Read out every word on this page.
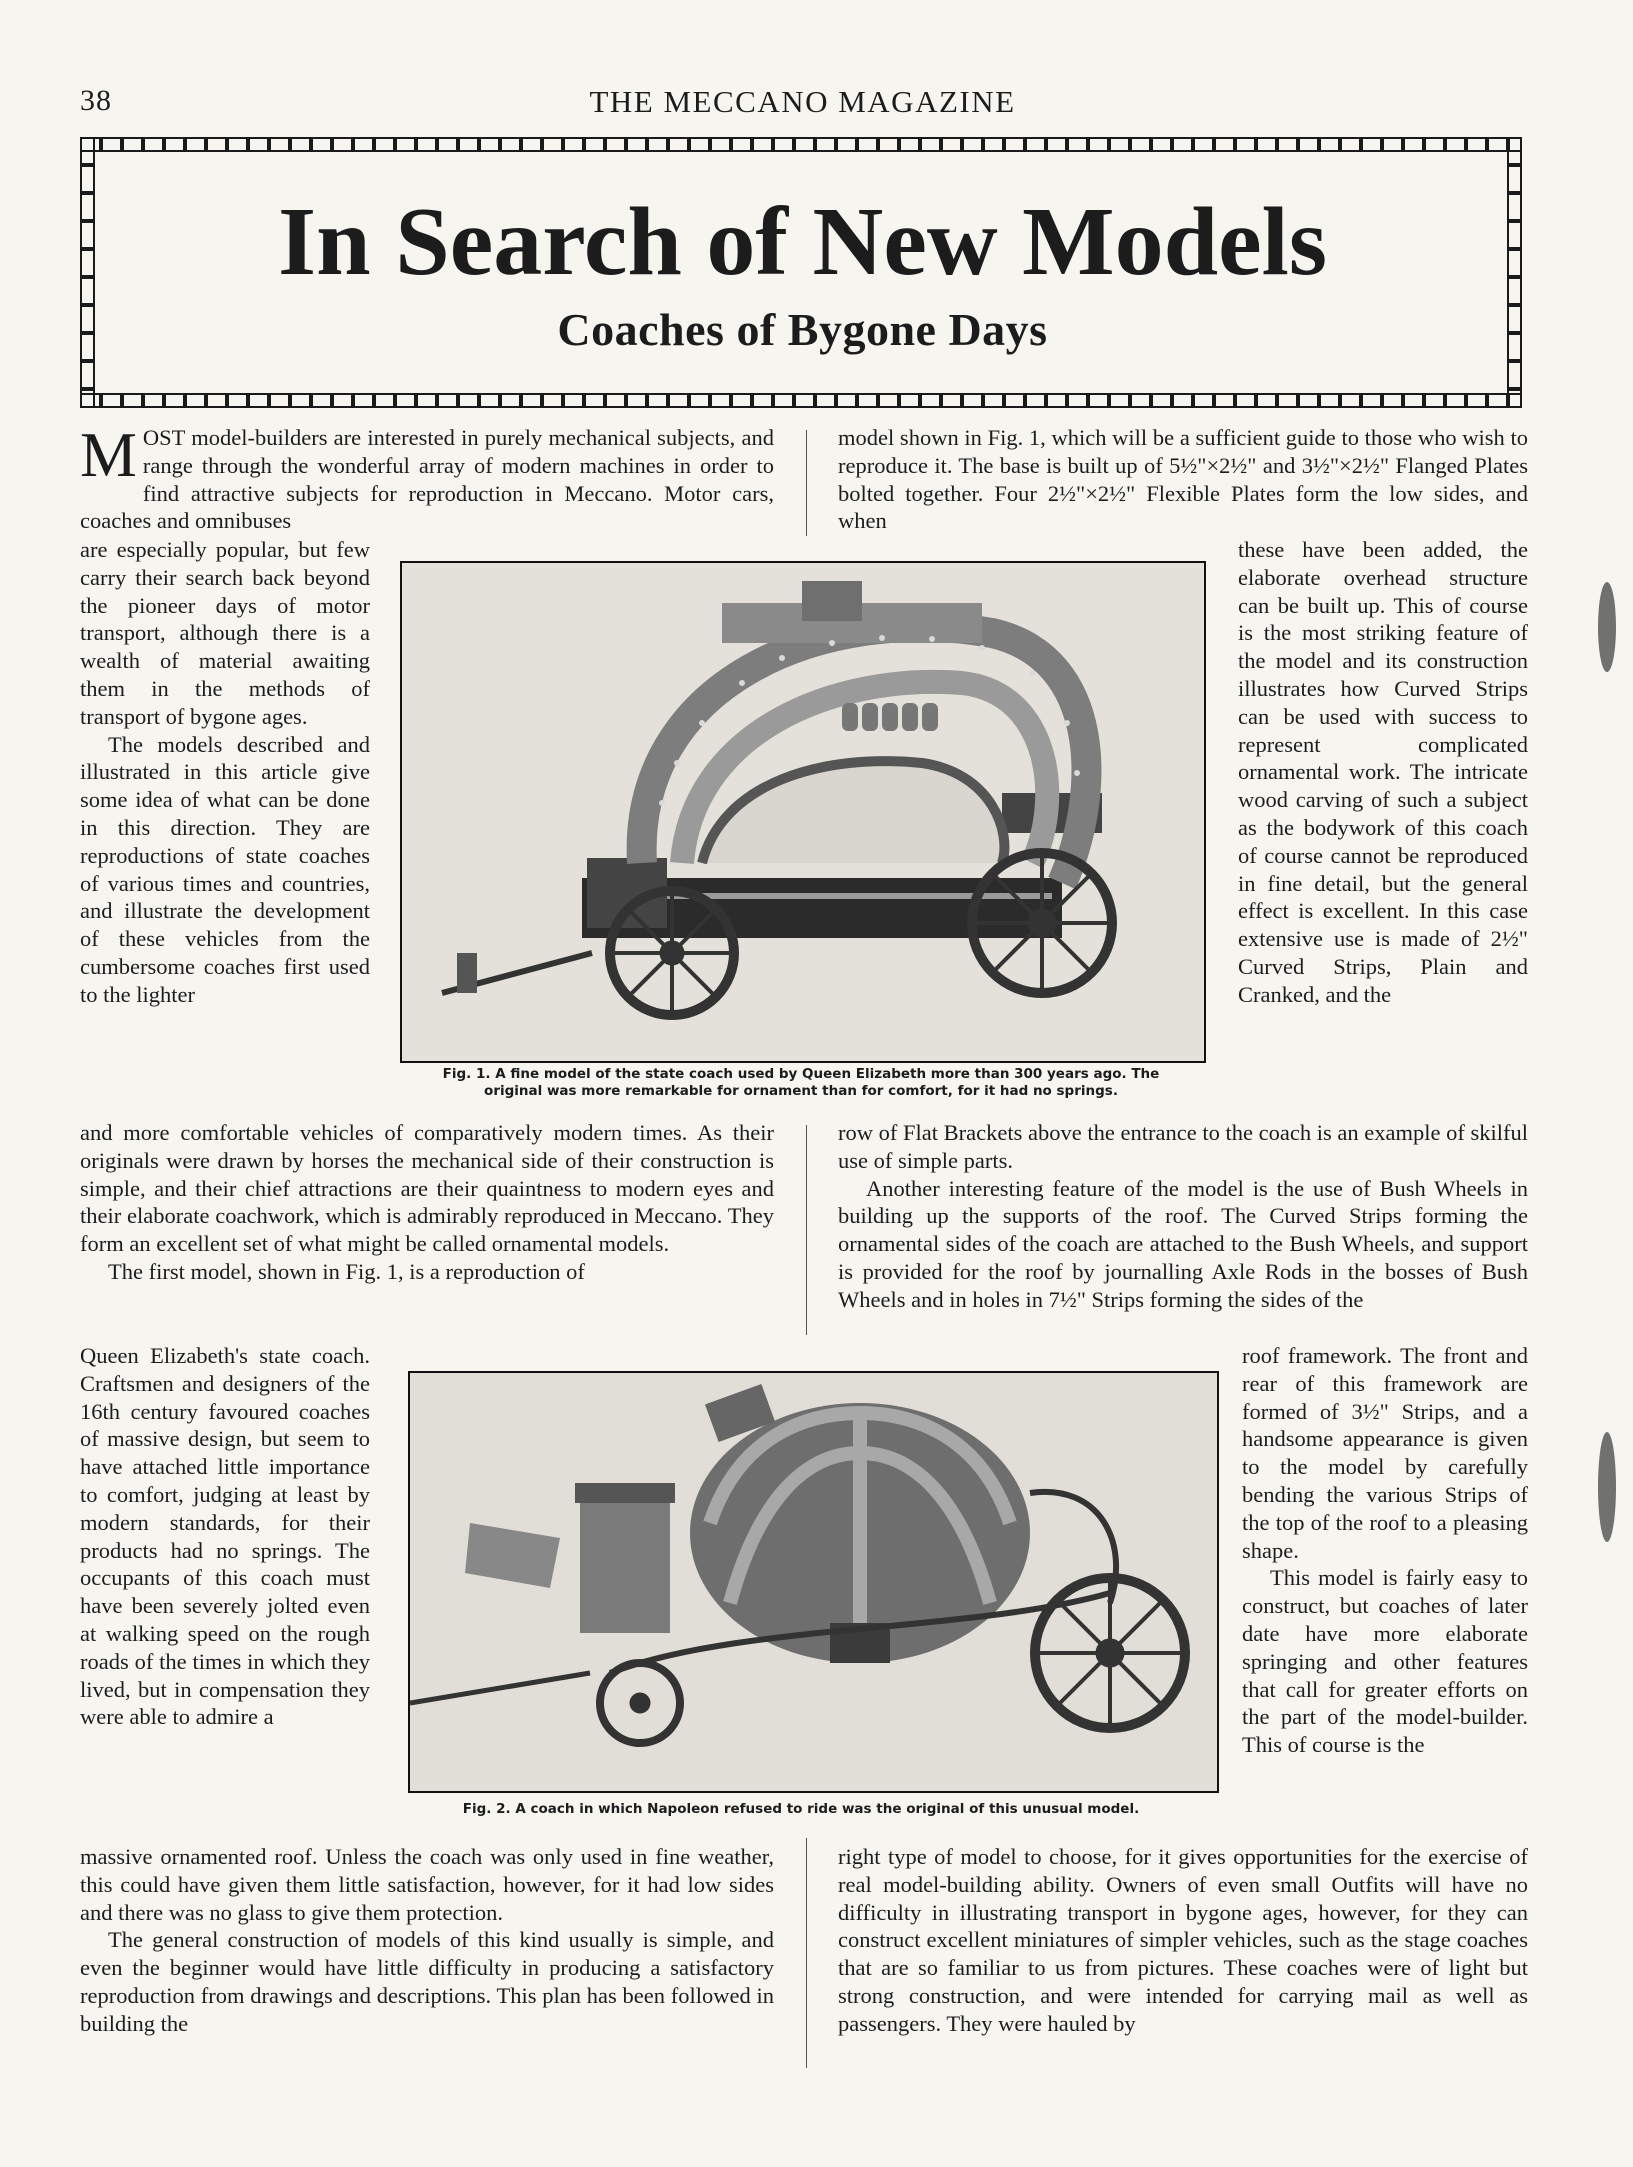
38	THE MECCANO MAGAZINE
In Search of New Models
Coaches of Bygone Days

MOST model-builders are interested in purely mechanical subjects, and range through the wonderful array of modern machines in order to find attractive subjects for reproduction in Meccano. Motor cars, coaches and omnibuses

are especially popular, but few carry their search back beyond the pioneer days of motor transport, although there is a wealth of material awaiting them in the methods of transport of bygone ages.

The models described and illustrated in this article give some idea of what can be done in this direction. They are reproductions of state coaches of various times and countries, and illustrate the development of these vehicles from the cumbersome coaches first used to the lighter

and more comfortable vehicles of comparatively modern times. As their originals were drawn by horses the mechanical side of their construction is simple, and their chief attractions are their quaintness to modern eyes and their elaborate coachwork, which is admirably reproduced in Meccano. They form an excellent set of what might be called ornamental models.

The first model, shown in Fig. 1, is a reproduction of

Queen Elizabeth's state coach. Craftsmen and designers of the 16th century favoured coaches of massive design, but seem to have attached little importance to comfort, judging at least by modern standards, for their products had no springs. The occupants of this coach must have been severely jolted even at walking speed on the rough roads of the times in which they lived, but in compensation they were able to admire a

massive ornamented roof. Unless the coach was only used in fine weather, this could have given them little satisfaction, however, for it had low sides and there was no glass to give them protection.

The general construction of models of this kind usually is simple, and even the beginner would have little difficulty in producing a satisfactory reproduction from drawings and descriptions. This plan has been followed in building the

model shown in Fig. 1, which will be a sufficient guide to those who wish to reproduce it. The base is built up of 5½"×2½" and 3½"×2½" Flanged Plates bolted together. Four 2½"×2½" Flexible Plates form the low sides, and when

these have been added, the elaborate overhead structure can be built up. This of course is the most striking feature of the model and its construction illustrates how Curved Strips can be used with success to represent complicated ornamental work. The intricate wood carving of such a subject as the bodywork of this coach of course cannot be reproduced in fine detail, but the general effect is excellent. In this case extensive use is made of 2½" Curved Strips, Plain and Cranked, and the

row of Flat Brackets above the entrance to the coach is an example of skilful use of simple parts.

Another interesting feature of the model is the use of Bush Wheels in building up the supports of the roof. The Curved Strips forming the ornamental sides of the coach are attached to the Bush Wheels, and support is provided for the roof by journalling Axle Rods in the bosses of Bush Wheels and in holes in 7½" Strips forming the sides of the

roof framework. The front and rear of this framework are formed of 3½" Strips, and a handsome appearance is given to the model by carefully bending the various Strips of the top of the roof to a pleasing shape.

This model is fairly easy to construct, but coaches of later date have more elaborate springing and other features that call for greater efforts on the part of the model-builder. This of course is the

right type of model to choose, for it gives opportunities for the exercise of real model-building ability. Owners of even small Outfits will have no difficulty in illustrating transport in bygone ages, however, for they can construct excellent miniatures of simpler vehicles, such as the stage coaches that are so familiar to us from pictures. These coaches were of light but strong construction, and were intended for carrying mail as well as passengers. They were hauled by

Fig. 1. A fine model of the state coach used by Queen Elizabeth more than 300 years ago. The
original was more remarkable for ornament than for comfort, for it had no springs.
Fig. 2. A coach in which Napoleon refused to ride was the original of this unusual model.
